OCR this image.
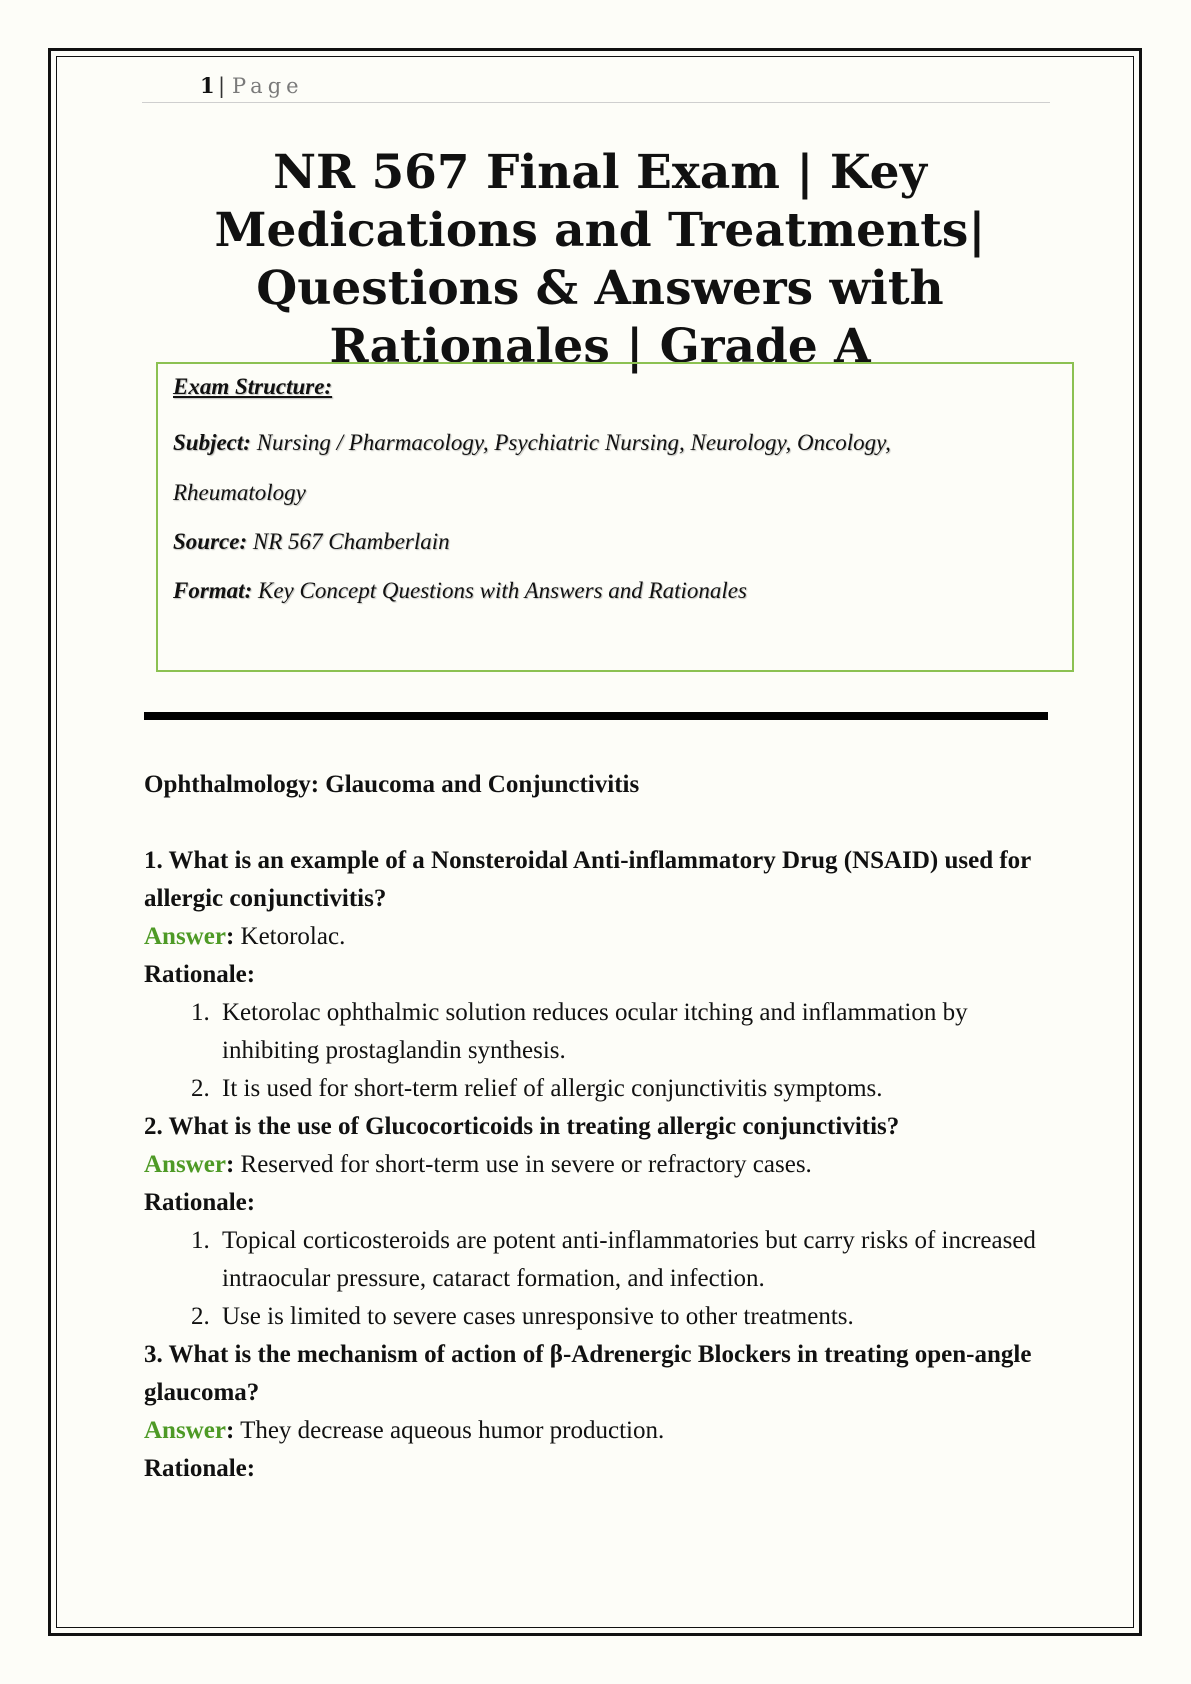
1 | Page
NR 567 Final Exam | Key Medications and Treatments| Questions & Answers with Rationales | Grade A
Exam Structure:
Subject: Nursing / Pharmacology, Psychiatric Nursing, Neurology, Oncology,
Rheumatology
Source: NR 567 Chamberlain
Format: Key Concept Questions with Answers and Rationales

Ophthalmology: Glaucoma and Conjunctivitis

1. What is an example of a Nonsteroidal Anti-inflammatory Drug (NSAID) used for allergic conjunctivitis?

Answer: Ketorolac.

Rationale:

1. Ketorolac ophthalmic solution reduces ocular itching and inflammation by inhibiting prostaglandin synthesis.
2. It is used for short-term relief of allergic conjunctivitis symptoms.

2. What is the use of Glucocorticoids in treating allergic conjunctivitis?

Answer: Reserved for short-term use in severe or refractory cases.

Rationale:

1. Topical corticosteroids are potent anti-inflammatories but carry risks of increased intraocular pressure, cataract formation, and infection.
2. Use is limited to severe cases unresponsive to other treatments.

3. What is the mechanism of action of β-Adrenergic Blockers in treating open-angle glaucoma?

Answer: They decrease aqueous humor production.

Rationale:
